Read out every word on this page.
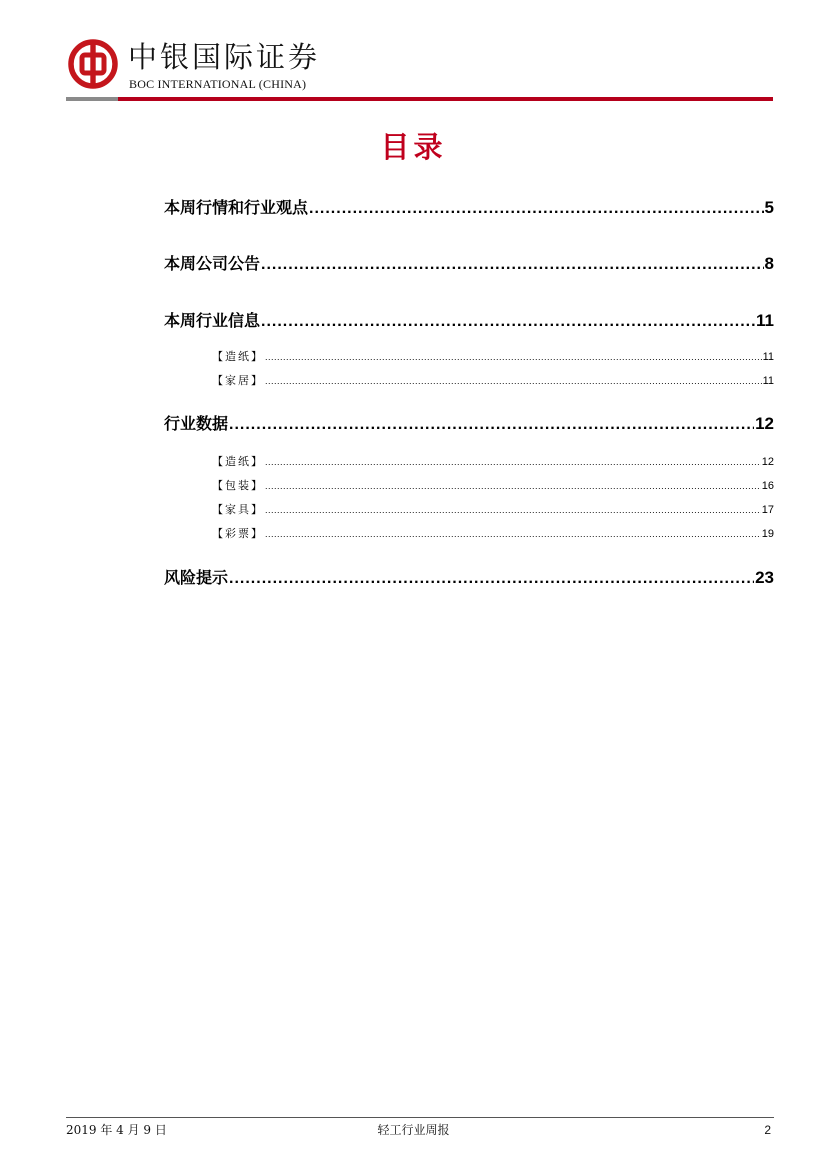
中银国际证券
BOC INTERNATIONAL (CHINA)
目录
本周行情和行业观点 .....	5
本周公司公告 .....	8
本周行业信息 .....	11
【造纸】 .....	11
【家居】 .....	11
行业数据 .....	12
【造纸】 .....	12
【包装】 .....	16
【家具】 .....	17
【彩票】 .....	19
风险提示 .....	23
2019 年 4 月 9 日	轻工行业周报	2
